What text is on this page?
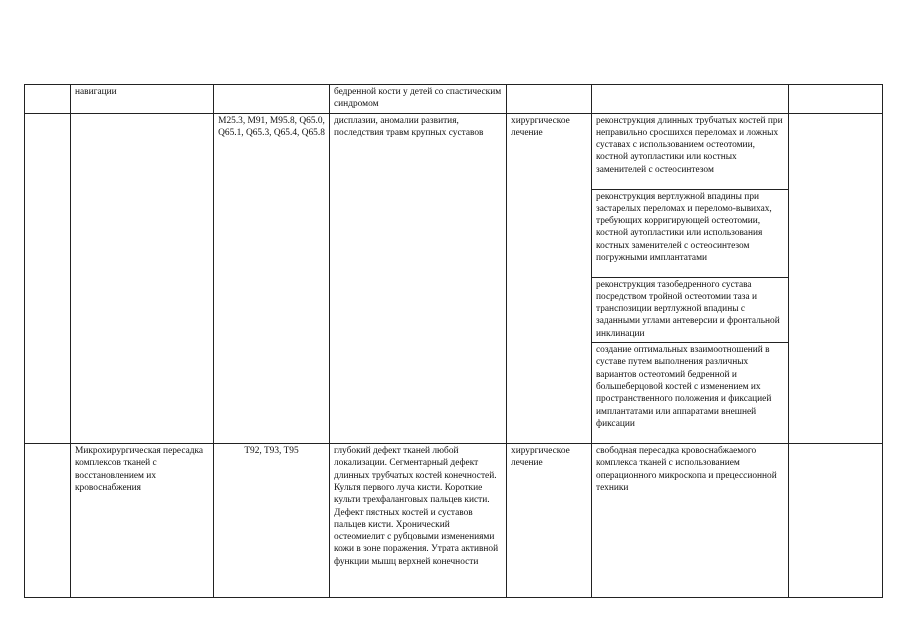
	навигации		бедренной кости у детей со спастическим синдромом			
		M25.3, M91, M95.8, Q65.0, Q65.1, Q65.3, Q65.4, Q65.8	дисплазии, аномалии развития, последствия травм крупных суставов	хирургическое лечение	реконструкция длинных трубчатых костей при неправильно сросшихся переломах и ложных суставах с использованием остеотомии, костной аутопластики или костных заменителей с остеосинтезом	
					реконструкция вертлужной впадины при застарелых переломах и переломо-вывихах, требующих корригирующей остеотомии, костной аутопластики или использования костных заменителей с остеосинтезом погружными имплантатами	
					реконструкция тазобедренного сустава посредством тройной остеотомии таза и транспозиции вертлужной впадины с заданными углами антеверсии и фронтальной инклинации	
					создание оптимальных взаимоотношений в суставе путем выполнения различных вариантов остеотомий бедренной и большеберцовой костей с изменением их пространственного положения и фиксацией имплантатами или аппаратами внешней фиксации	
	Микрохирургическая пересадка комплексов тканей с восстановлением их кровоснабжения	T92, T93, T95	глубокий дефект тканей любой локализации. Сегментарный дефект длинных трубчатых костей конечностей. Культя первого луча кисти. Короткие культи трехфаланговых пальцев кисти. Дефект пястных костей и суставов пальцев кисти. Хронический остеомиелит с рубцовыми изменениями кожи в зоне поражения. Утрата активной функции мышц верхней конечности	хирургическое лечение	свободная пересадка кровоснабжаемого комплекса тканей с использованием операционного микроскопа и прецессионной техники	
